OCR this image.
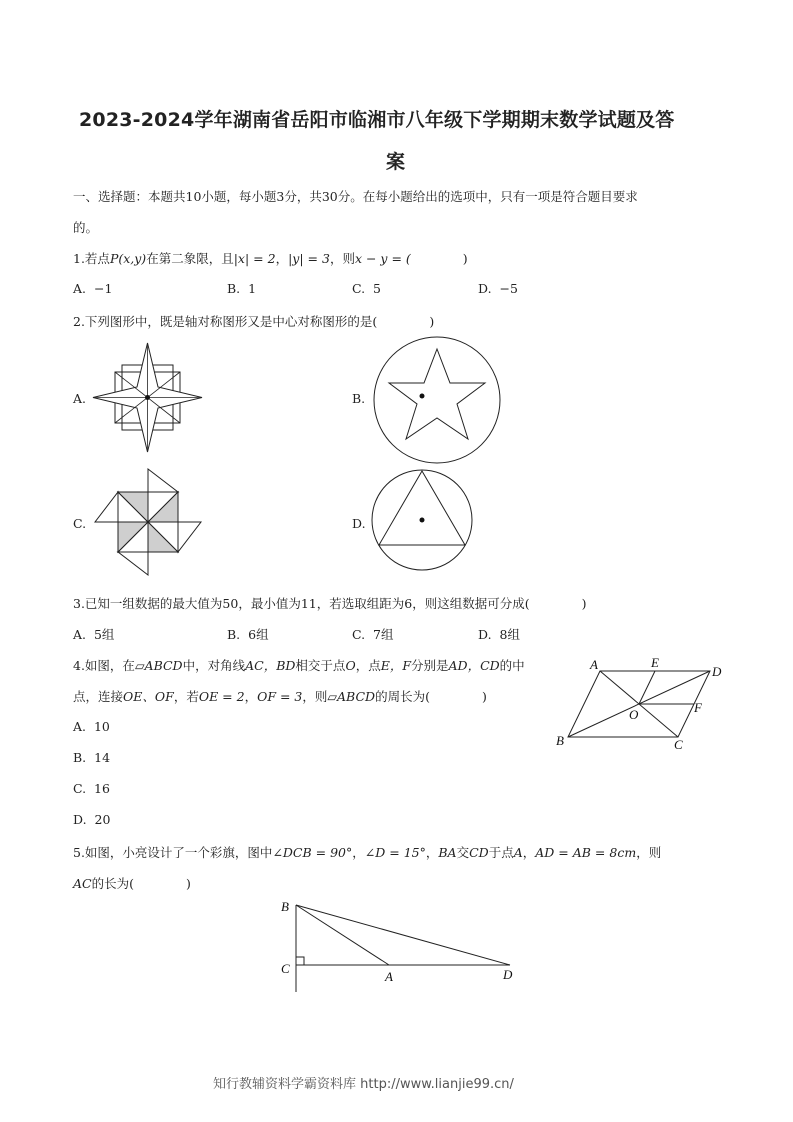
2023-2024学年湖南省岳阳市临湘市八年级下学期期末数学试题及答
案
一、选择题：本题共10小题，每小题3分，共30分。在每小题给出的选项中，只有一项是符合题目要求
的。
1.若点P(x,y)在第二象限，且|x| = 2，|y| = 3，则x − y = (	)
A. −1	B. 1	C. 5	D. −5
2.下列图形中，既是轴对称图形又是中心对称图形的是(	)
A.	B.
C.	D.
3.已知一组数据的最大值为50，最小值为11，若选取组距为6，则这组数据可分成(	)
A. 5组	B. 6组	C. 7组	D. 8组
4.如图，在▱ABCD中，对角线AC，BD相交于点O，点E，F分别是AD，CD的中
点，连接OE、OF，若OE = 2，OF = 3，则▱ABCD的周长为(	)
A. 10
B. 14
C. 16
D. 20
A	E
D
O	F
B	C
5.如图，小亮设计了一个彩旗，图中∠DCB = 90°，∠D = 15°，BA交CD于点A，AD = AB = 8cm，则
AC的长为(	)
B
C
A	D
知行教辅资料学霸资料库 http://www.lianjie99.cn/
